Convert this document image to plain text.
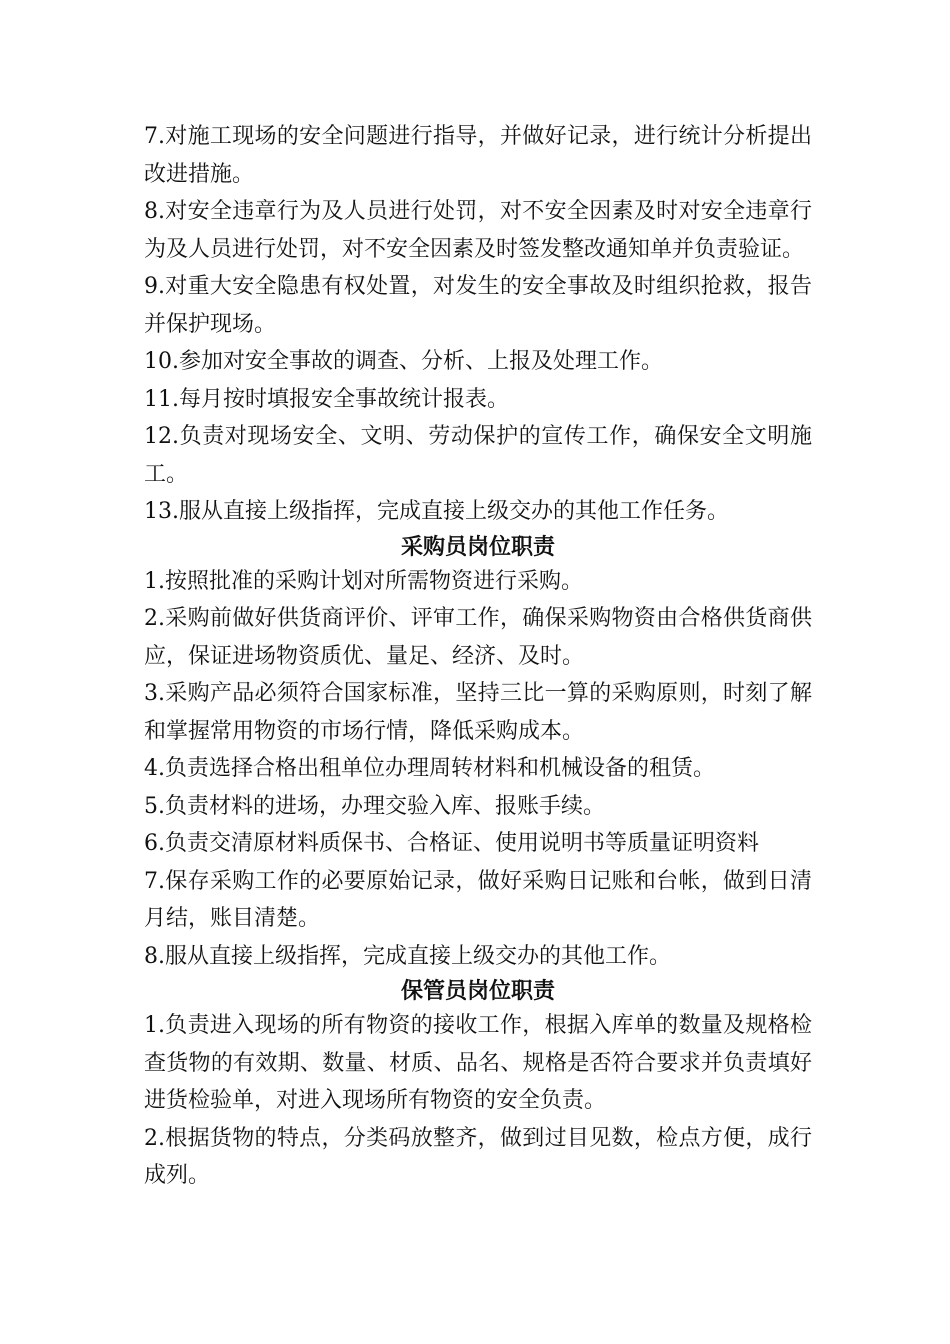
7.对施工现场的安全问题进行指导，并做好记录，进行统计分析提出改进措施。

8.对安全违章行为及人员进行处罚，对不安全因素及时对安全违章行为及人员进行处罚，对不安全因素及时签发整改通知单并负责验证。

9.对重大安全隐患有权处置，对发生的安全事故及时组织抢救，报告并保护现场。

10.参加对安全事故的调查、分析、上报及处理工作。

11.每月按时填报安全事故统计报表。

12.负责对现场安全、文明、劳动保护的宣传工作，确保安全文明施工。

13.服从直接上级指挥，完成直接上级交办的其他工作任务。

采购员岗位职责

1.按照批准的采购计划对所需物资进行采购。

2.采购前做好供货商评价、评审工作，确保采购物资由合格供货商供应，保证进场物资质优、量足、经济、及时。

3.采购产品必须符合国家标准，坚持三比一算的采购原则，时刻了解和掌握常用物资的市场行情，降低采购成本。

4.负责选择合格出租单位办理周转材料和机械设备的租赁。

5.负责材料的进场，办理交验入库、报账手续。

6.负责交清原材料质保书、合格证、使用说明书等质量证明资料

7.保存采购工作的必要原始记录，做好采购日记账和台帐，做到日清月结，账目清楚。

8.服从直接上级指挥，完成直接上级交办的其他工作。

保管员岗位职责

1.负责进入现场的所有物资的接收工作，根据入库单的数量及规格检查货物的有效期、数量、材质、品名、规格是否符合要求并负责填好进货检验单，对进入现场所有物资的安全负责。

2.根据货物的特点，分类码放整齐，做到过目见数，检点方便，成行成列。
